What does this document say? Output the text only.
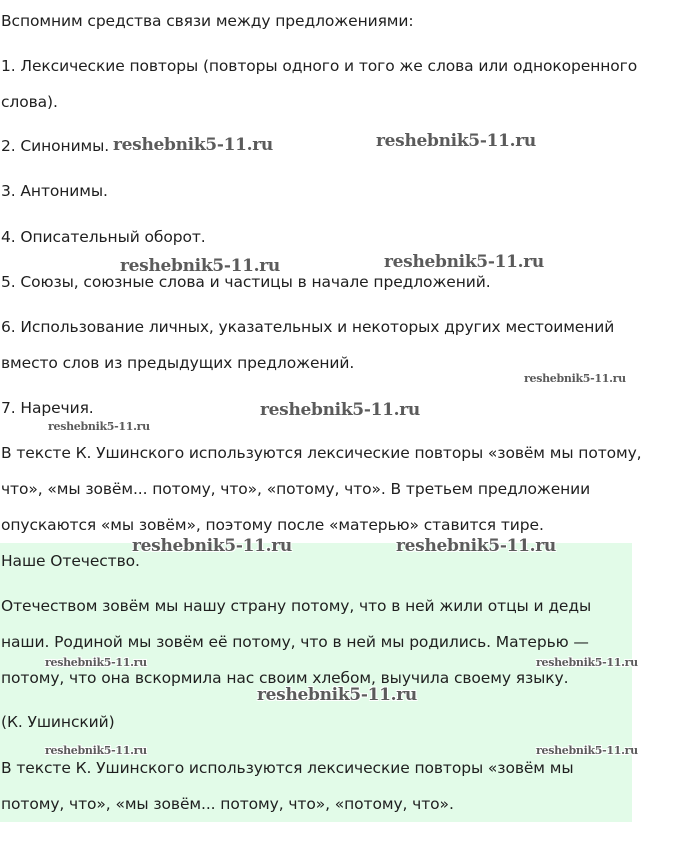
Вспомним средства связи между предложениями:
1. Лексические повторы (повторы одного и того же слова или однокоренного
слова).
2. Синонимы.
3. Антонимы.
4. Описательный оборот.
5. Союзы, союзные слова и частицы в начале предложений.
6. Использование личных, указательных и некоторых других местоимений
вместо слов из предыдущих предложений.
7. Наречия.
В тексте К. Ушинского используются лексические повторы «зовём мы потому,
что», «мы зовём... потому, что», «потому, что». В третьем предложении
опускаются «мы зовём», поэтому после «матерью» ставится тире.
Наше Отечество.
Отечеством зовём мы нашу страну потому, что в ней жили отцы и деды
наши. Родиной мы зовём её потому, что в ней мы родились. Матерью —
потому, что она вскормила нас своим хлебом, выучила своему языку.
(К. Ушинский)
В тексте К. Ушинского используются лексические повторы «зовём мы
потому, что», «мы зовём... потому, что», «потому, что».
reshebnik5-11.ru	reshebnik5-11.ru
reshebnik5-11.ru	reshebnik5-11.ru
reshebnik5-11.ru
reshebnik5-11.ru
reshebnik5-11.ru
reshebnik5-11.ru	reshebnik5-11.ru
reshebnik5-11.ru	reshebnik5-11.ru
reshebnik5-11.ru
reshebnik5-11.ru	reshebnik5-11.ru
